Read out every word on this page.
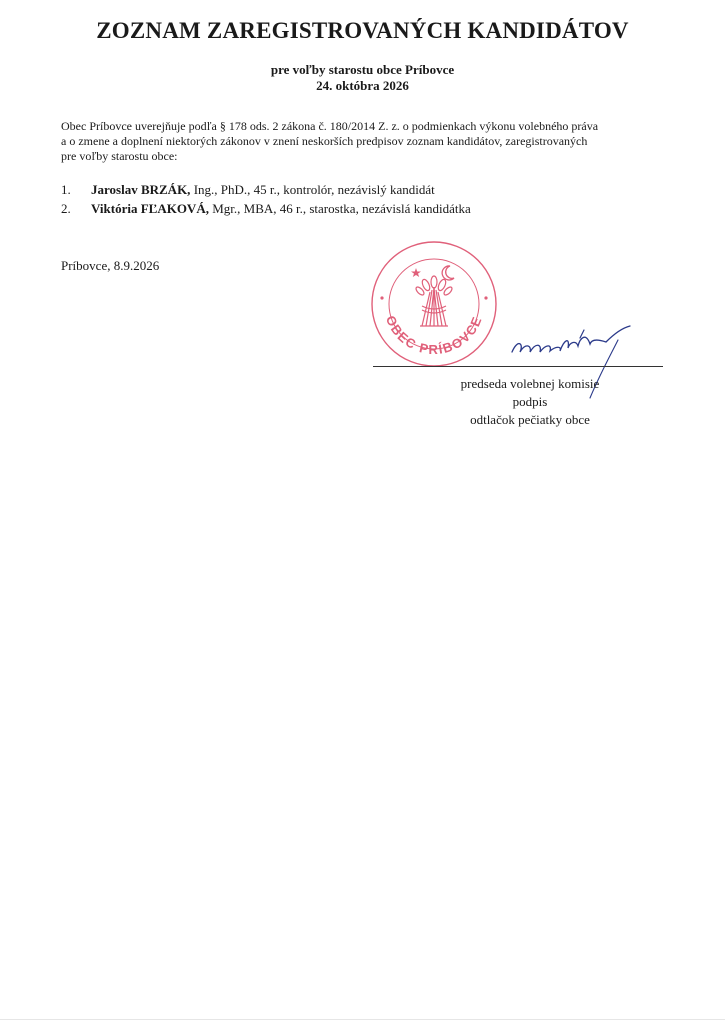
ZOZNAM ZAREGISTROVANÝCH KANDIDÁTOV
pre voľby starostu obce Príbovce
24. októbra 2026
Obec Príbovce uverejňuje podľa § 178 ods. 2 zákona č. 180/2014 Z. z. o podmienkach výkonu volebného práva
a o zmene a doplnení niektorých zákonov v znení neskorších predpisov zoznam kandidátov, zaregistrovaných
pre voľby starostu obce:
1.	Jaroslav BRZÁK, Ing., PhD., 45 r., kontrolór, nezávislý kandidát
2.	Viktória FĽAKOVÁ, Mgr., MBA, 46 r., starostka, nezávislá kandidátka
Príbovce, 8.9.2026
OBEC PRÍBOVCE
predseda volebnej komisie
podpis
odtlačok pečiatky obce
